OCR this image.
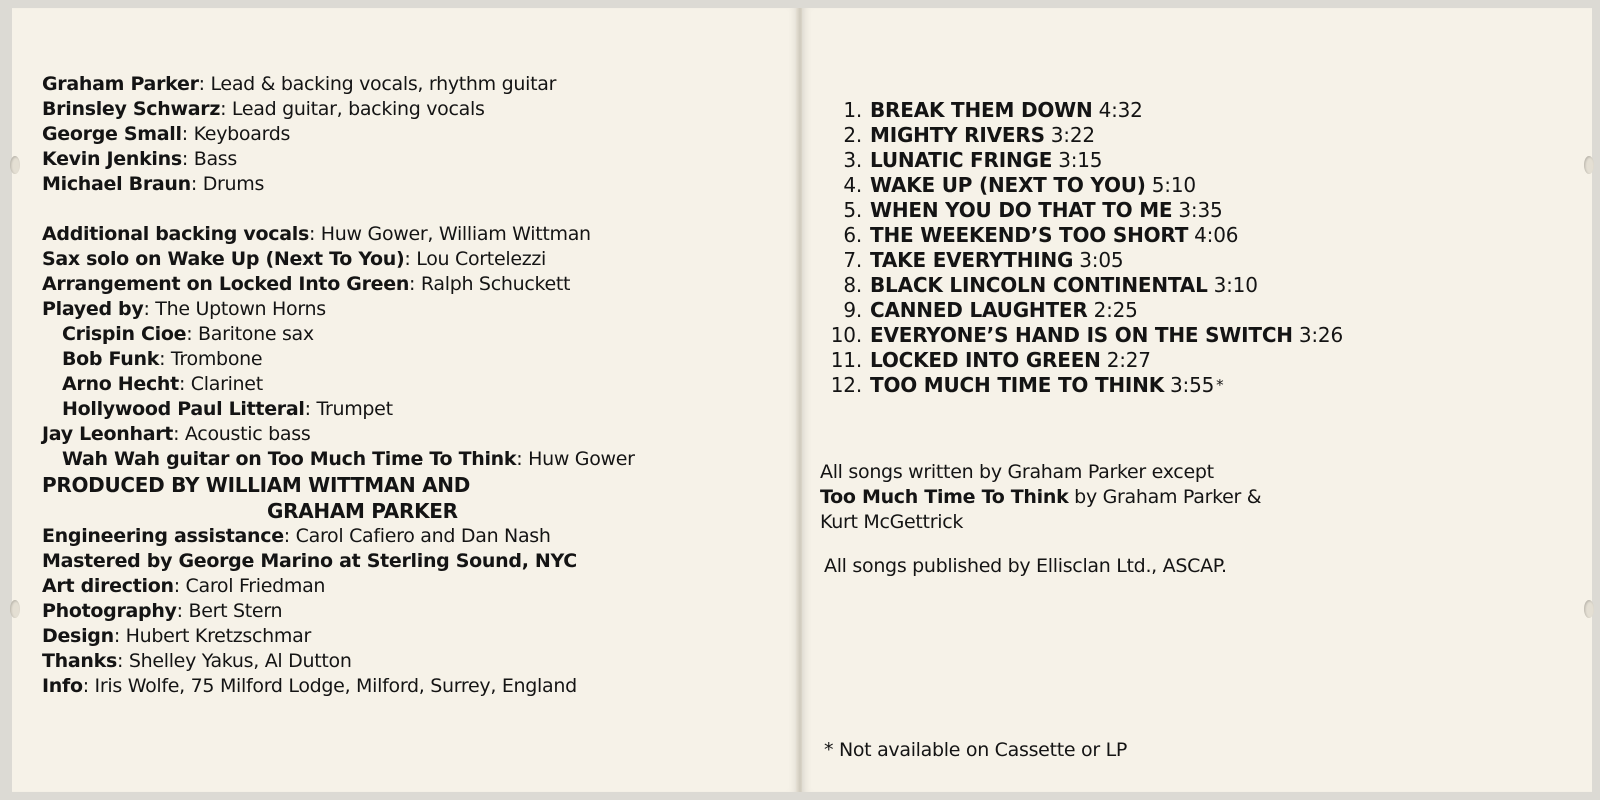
Graham Parker: Lead & backing vocals, rhythm guitar
Brinsley Schwarz: Lead guitar, backing vocals
George Small: Keyboards
Kevin Jenkins: Bass
Michael Braun: Drums
Additional backing vocals: Huw Gower, William Wittman
Sax solo on Wake Up (Next To You): Lou Cortelezzi
Arrangement on Locked Into Green: Ralph Schuckett
Played by: The Uptown Horns
Crispin Cioe: Baritone sax
Bob Funk: Trombone
Arno Hecht: Clarinet
Hollywood Paul Litteral: Trumpet
Jay Leonhart: Acoustic bass
Wah Wah guitar on Too Much Time To Think: Huw Gower
PRODUCED BY WILLIAM WITTMAN AND
GRAHAM PARKER
Engineering assistance: Carol Cafiero and Dan Nash
Mastered by George Marino at Sterling Sound, NYC
Art direction: Carol Friedman
Photography: Bert Stern
Design: Hubert Kretzschmar
Thanks: Shelley Yakus, Al Dutton
Info: Iris Wolfe, 75 Milford Lodge, Milford, Surrey, England
1. BREAK THEM DOWN 4:32
2. MIGHTY RIVERS 3:22
3. LUNATIC FRINGE 3:15
4. WAKE UP (NEXT TO YOU) 5:10
5. WHEN YOU DO THAT TO ME 3:35
6. THE WEEKEND’S TOO SHORT 4:06
7. TAKE EVERYTHING 3:05
8. BLACK LINCOLN CONTINENTAL 3:10
9. CANNED LAUGHTER 2:25
10. EVERYONE’S HAND IS ON THE SWITCH 3:26
11. LOCKED INTO GREEN 2:27
12. TOO MUCH TIME TO THINK 3:55 *
All songs written by Graham Parker except
Too Much Time To Think by Graham Parker &
Kurt McGettrick
All songs published by Ellisclan Ltd., ASCAP.
* Not available on Cassette or LP
